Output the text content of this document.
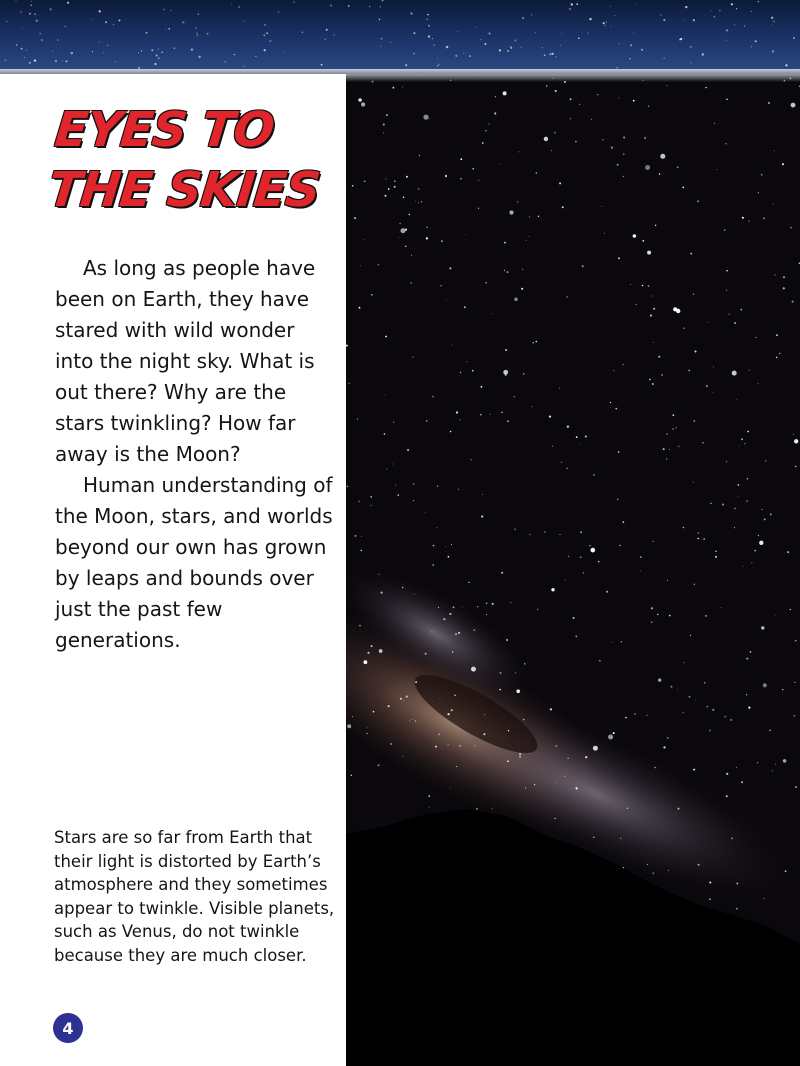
EYES TO THE SKIES

As long as people have been on Earth, they have stared with wild wonder into the night sky. What is out there? Why are the stars twinkling? How far away is the Moon?

Human understanding of the Moon, stars, and worlds beyond our own has grown by leaps and bounds over just the past few generations.

Stars are so far from Earth that their light is distorted by Earth’s atmosphere and they sometimes appear to twinkle. Visible planets, such as Venus, do not twinkle because they are much closer.
4
